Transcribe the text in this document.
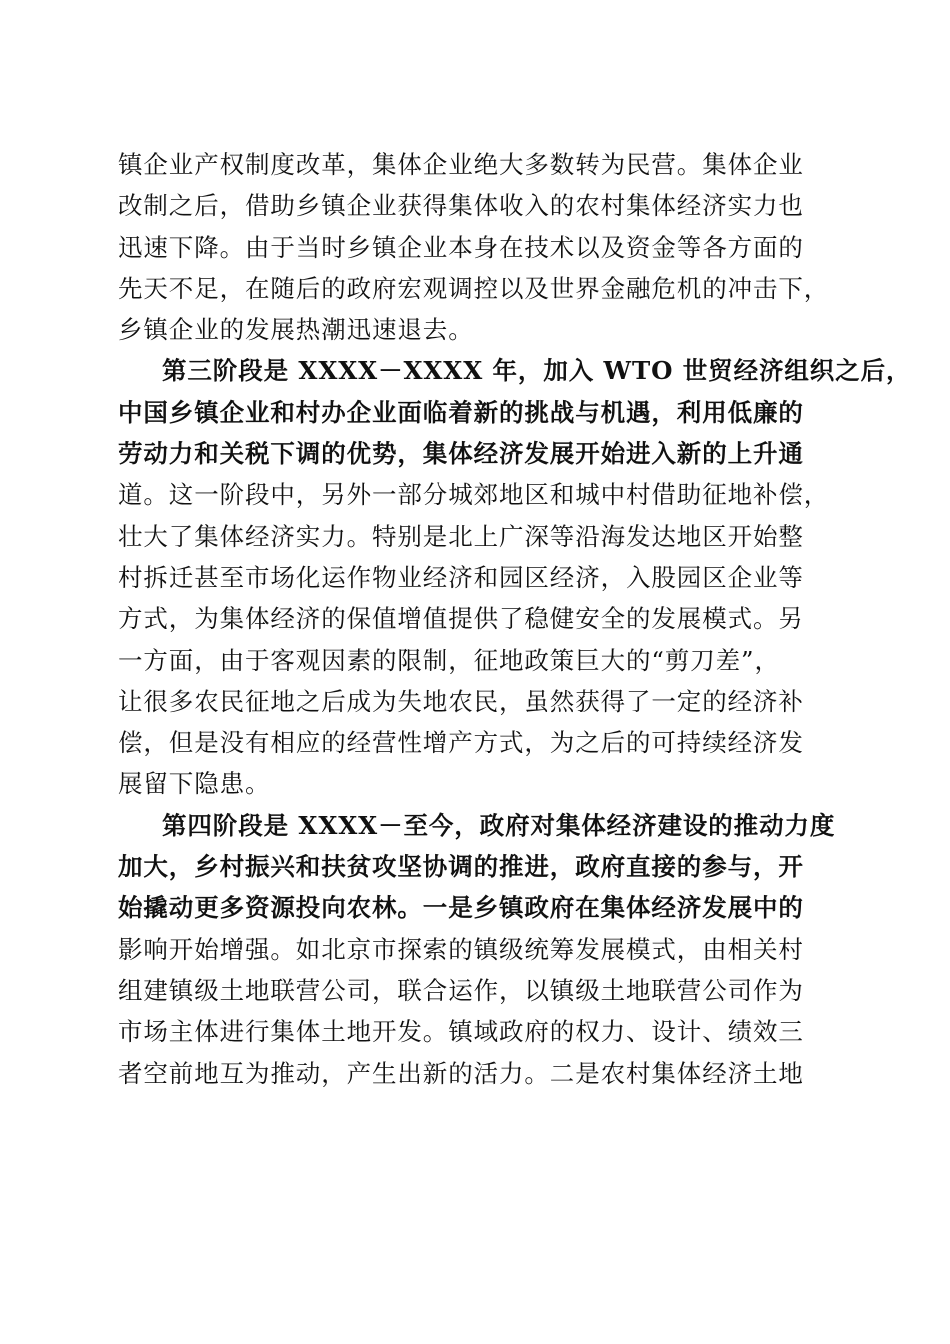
镇企业产权制度改革，集体企业绝大多数转为民营。集体企业
改制之后，借助乡镇企业获得集体收入的农村集体经济实力也
迅速下降。由于当时乡镇企业本身在技术以及资金等各方面的
先天不足，在随后的政府宏观调控以及世界金融危机的冲击下，
乡镇企业的发展热潮迅速退去。
第三阶段是 XXXX－XXXX 年，加入 WTO 世贸经济组织之后，
中国乡镇企业和村办企业面临着新的挑战与机遇，利用低廉的
劳动力和关税下调的优势，集体经济发展开始进入新的上升通
道。这一阶段中，另外一部分城郊地区和城中村借助征地补偿，
壮大了集体经济实力。特别是北上广深等沿海发达地区开始整
村拆迁甚至市场化运作物业经济和园区经济，入股园区企业等
方式，为集体经济的保值增值提供了稳健安全的发展模式。另
一方面，由于客观因素的限制，征地政策巨大的“剪刀差”，
让很多农民征地之后成为失地农民，虽然获得了一定的经济补
偿，但是没有相应的经营性增产方式，为之后的可持续经济发
展留下隐患。
第四阶段是 XXXX－至今，政府对集体经济建设的推动力度
加大，乡村振兴和扶贫攻坚协调的推进，政府直接的参与，开
始撬动更多资源投向农林。一是乡镇政府在集体经济发展中的
影响开始增强。如北京市探索的镇级统筹发展模式，由相关村
组建镇级土地联营公司，联合运作，以镇级土地联营公司作为
市场主体进行集体土地开发。镇域政府的权力、设计、绩效三
者空前地互为推动，产生出新的活力。二是农村集体经济土地
